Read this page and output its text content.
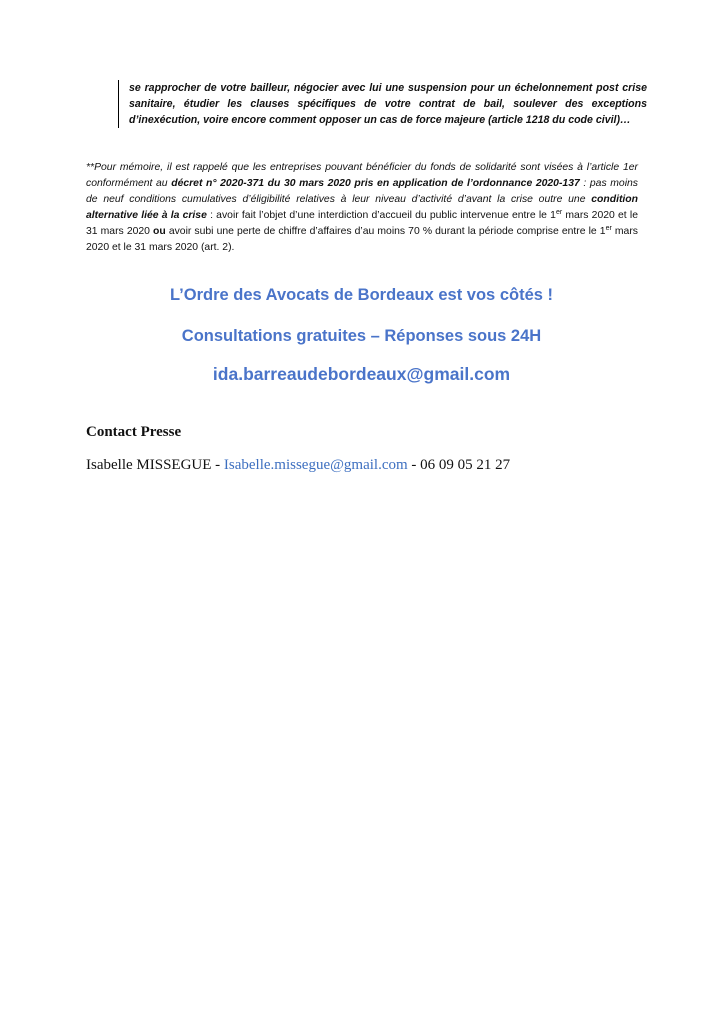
se rapprocher de votre bailleur, négocier avec lui une suspension pour un échelonnement post crise sanitaire, étudier les clauses spécifiques de votre contrat de bail, soulever des exceptions d’inexécution, voire encore comment opposer un cas de force majeure (article 1218 du code civil)…
**Pour mémoire, il est rappelé que les entreprises pouvant bénéficier du fonds de solidarité sont visées à l’article 1er conformément au décret n° 2020-371 du 30 mars 2020 pris en application de l’ordonnance 2020-137 : pas moins de neuf conditions cumulatives d’éligibilité relatives à leur niveau d’activité d’avant la crise outre une condition alternative liée à la crise : avoir fait l’objet d’une interdiction d’accueil du public intervenue entre le 1er mars 2020 et le 31 mars 2020 ou avoir subi une perte de chiffre d’affaires d’au moins 70 % durant la période comprise entre le 1er mars 2020 et le 31 mars 2020 (art. 2).
L’Ordre des Avocats de Bordeaux est vos côtés !
Consultations gratuites – Réponses sous 24H
ida.barreaudebordeaux@gmail.com
Contact Presse
Isabelle MISSEGUE - Isabelle.missegue@gmail.com - 06 09 05 21 27
